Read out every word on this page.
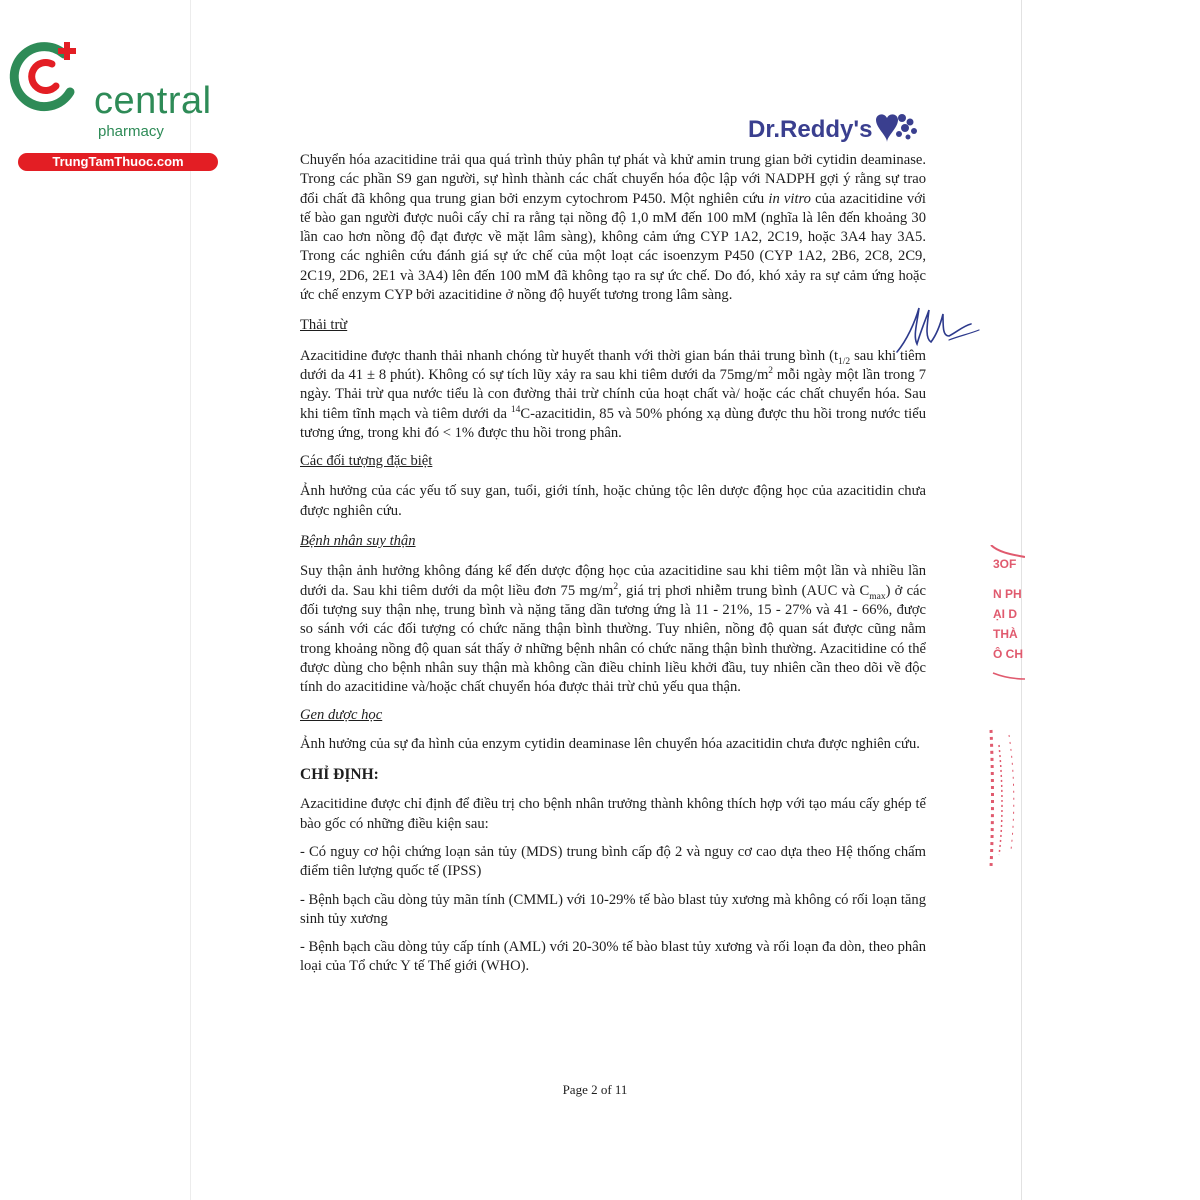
central
pharmacy
TrungTamThuoc.com
Dr.Reddy's

Chuyển hóa azacitidine trải qua quá trình thủy phân tự phát và khử amin trung gian bởi cytidin deaminase. Trong các phần S9 gan người, sự hình thành các chất chuyển hóa độc lập với NADPH gợi ý rằng sự trao đổi chất đã không qua trung gian bởi enzym cytochrom P450. Một nghiên cứu in vitro của azacitidine với tế bào gan người được nuôi cấy chỉ ra rằng tại nồng độ 1,0 mM đến 100 mM (nghĩa là lên đến khoảng 30 lần cao hơn nồng độ đạt được về mặt lâm sàng), không cảm ứng CYP 1A2, 2C19, hoặc 3A4 hay 3A5. Trong các nghiên cứu đánh giá sự ức chế của một loạt các isoenzym P450 (CYP 1A2, 2B6, 2C8, 2C9, 2C19, 2D6, 2E1 và 3A4) lên đến 100 mM đã không tạo ra sự ức chế. Do đó, khó xảy ra sự cảm ứng hoặc ức chế enzym CYP bởi azacitidine ở nồng độ huyết tương trong lâm sàng.

Thải trừ

Azacitidine được thanh thải nhanh chóng từ huyết thanh với thời gian bán thải trung bình ($t_{1/2}$ sau khi tiêm dưới da 41 ± 8 phút). Không có sự tích lũy xảy ra sau khi tiêm dưới da $75mg/m^2$ mỗi ngày một lần trong 7 ngày. Thải trừ qua nước tiểu là con đường thải trừ chính của hoạt chất và/ hoặc các chất chuyển hóa. Sau khi tiêm tĩnh mạch và tiêm dưới da $^{14}$C-azacitidin, 85 và 50% phóng xạ dùng được thu hồi trong nước tiểu tương ứng, trong khi đó < 1% được thu hồi trong phân.

Các đối tượng đặc biệt

Ảnh hưởng của các yếu tố suy gan, tuổi, giới tính, hoặc chủng tộc lên dược động học của azacitidin chưa được nghiên cứu.

Bệnh nhân suy thận

Suy thận ảnh hưởng không đáng kể đến dược động học của azacitidine sau khi tiêm một lần và nhiều lần dưới da. Sau khi tiêm dưới da một liều đơn 75 $mg/m^2$, giá trị phơi nhiễm trung bình (AUC và $C_{max}$) ở các đối tượng suy thận nhẹ, trung bình và nặng tăng dần tương ứng là 11 - 21%, 15 - 27% và 41 - 66%, được so sánh với các đối tượng có chức năng thận bình thường. Tuy nhiên, nồng độ quan sát được cũng nằm trong khoảng nồng độ quan sát thấy ở những bệnh nhân có chức năng thận bình thường. Azacitidine có thể được dùng cho bệnh nhân suy thận mà không cần điều chỉnh liều khởi đầu, tuy nhiên cần theo dõi về độc tính do azacitidine và/hoặc chất chuyển hóa được thải trừ chủ yếu qua thận.

Gen dược học

Ảnh hưởng của sự đa hình của enzym cytidin deaminase lên chuyển hóa azacitidin chưa được nghiên cứu.

CHỈ ĐỊNH:

Azacitidine được chỉ định để điều trị cho bệnh nhân trưởng thành không thích hợp với tạo máu cấy ghép tế bào gốc có những điều kiện sau:

- Có nguy cơ hội chứng loạn sản tủy (MDS) trung bình cấp độ 2 và nguy cơ cao dựa theo Hệ thống chấm điểm tiên lượng quốc tế (IPSS)

- Bệnh bạch cầu dòng tủy mãn tính (CMML) với 10-29% tế bào blast tủy xương mà không có rối loạn tăng sinh tủy xương

- Bệnh bạch cầu dòng tủy cấp tính (AML) với 20-30% tế bào blast tủy xương và rối loạn đa dòn, theo phân loại của Tổ chức Y tế Thế giới (WHO).

3OF
N PH
ẠI D
THÀ
Ô CH
Page 2 of 11
